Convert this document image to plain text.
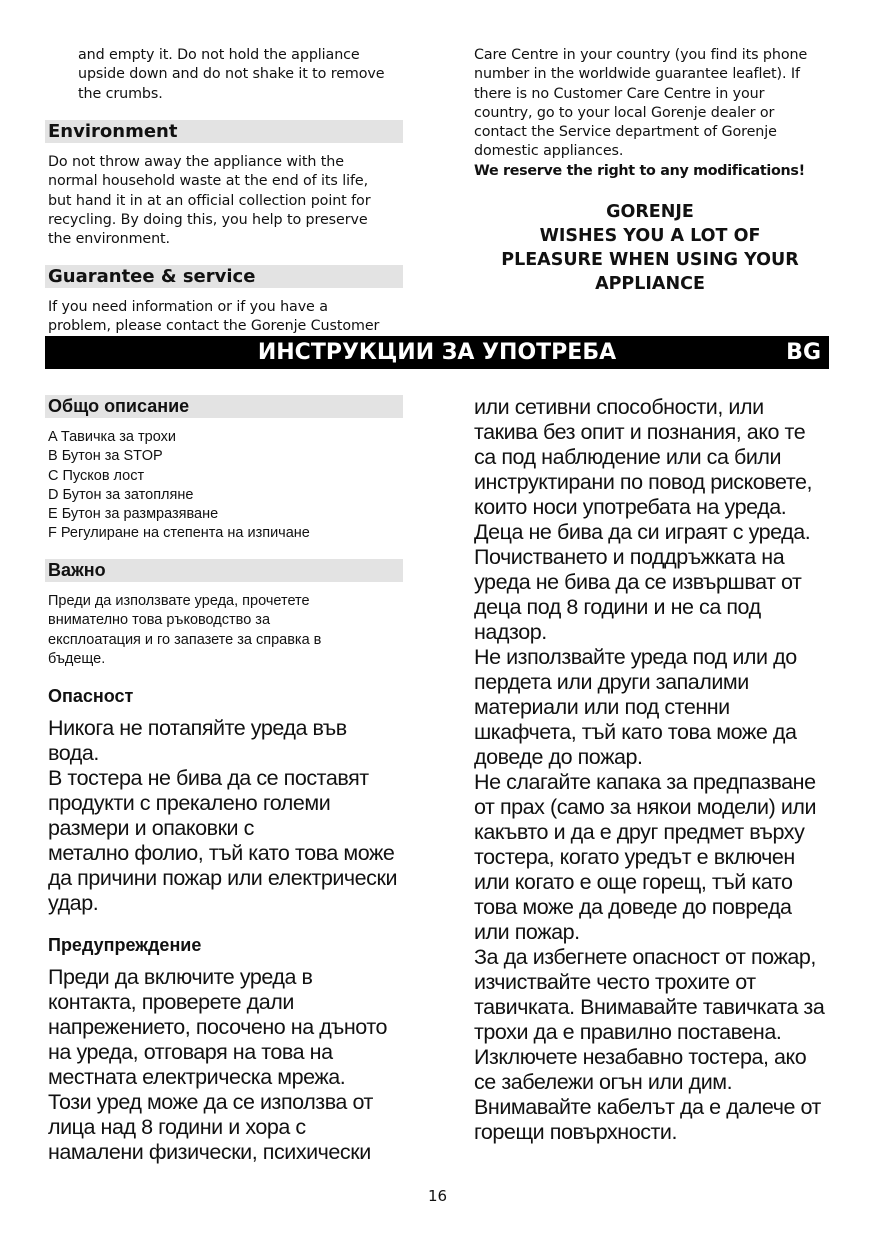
and empty it. Do not hold the appliance
upside down and do not shake it to remove
the crumbs.
Environment
Do not throw away the appliance with the
normal household waste at the end of its life,
but hand it in at an official collection point for
recycling. By doing this, you help to preserve
the environment.
Guarantee & service
If you need information or if you have a
problem, please contact the Gorenje Customer
Care Centre in your country (you find its phone
number in the worldwide guarantee leaflet). If
there is no Customer Care Centre in your
country, go to your local Gorenje dealer or
contact the Service department of Gorenje
domestic appliances.
We reserve the right to any modifications!
GORENJE
WISHES YOU A LOT OF
PLEASURE WHEN USING YOUR
APPLIANCE
ИНСТРУКЦИИ ЗА УПОТРЕБА	BG
Общо описание
A Тавичка за трохи
B Бутон за STOP
C Пусков лост
D Бутон за затопляне
E Бутон за размразяване
F Регулиране на степента на изпичане
Важно
Преди да използвате уреда, прочетете
внимателно това ръководство за
експлоатация и го запазете за справка в
бъдеще.
Опасност
Никога не потапяйте уреда във
вода.
В тостера не бива да се поставят
продукти с прекалено големи
размери и опаковки с
метално фолио, тъй като това може
да причини пожар или електрически
удар.
Предупреждение
Преди да включите уреда в
контакта, проверете дали
напрежението, посочено на дъното
на уреда, отговаря на това на
местната електрическа мрежа.
Този уред може да се използва от
лица над 8 години и хора с
намалени физически, психически
или сетивни способности, или
такива без опит и познания, ако те
са под наблюдение или са били
инструктирани по повод рисковете,
които носи употребата на уреда.
Деца не бива да си играят с уреда.
Почистването и поддръжката на
уреда не бива да се извършват от
деца под 8 години и не са под
надзор.
Не използвайте уреда под или до
пердета или други запалими
материали или под стенни
шкафчета, тъй като това може да
доведе до пожар.
Не слагайте капака за предпазване
от прах (само за някои модели) или
какъвто и да е друг предмет върху
тостера, когато уредът е включен
или когато е още горещ, тъй като
това може да доведе до повреда
или пожар.
За да избегнете опасност от пожар,
изчиствайте често трохите от
тавичката. Внимавайте тавичката за
трохи да е правилно поставена.
Изключете незабавно тостера, ако
се забележи огън или дим.
Внимавайте кабелът да е далече от
горещи повърхности.
16
